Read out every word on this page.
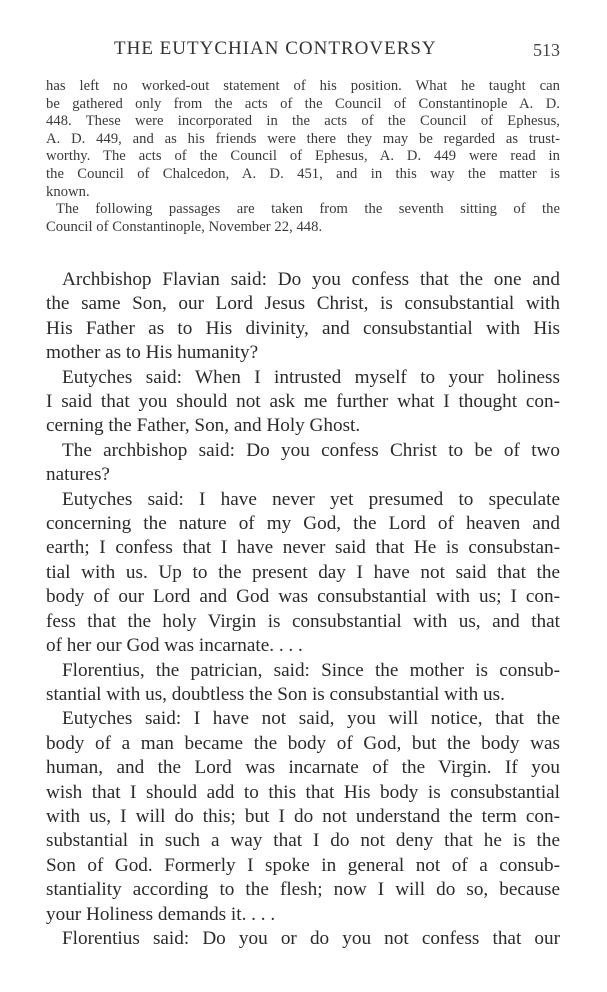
THE EUTYCHIAN CONTROVERSY	513
has left no worked-out statement of his position. What he taught can
be gathered only from the acts of the Council of Constantinople A. D.
448. These were incorporated in the acts of the Council of Ephesus,
A. D. 449, and as his friends were there they may be regarded as trust-
worthy. The acts of the Council of Ephesus, A. D. 449 were read in
the Council of Chalcedon, A. D. 451, and in this way the matter is
known.
The following passages are taken from the seventh sitting of the
Council of Constantinople, November 22, 448.
Archbishop Flavian said: Do you confess that the one and
the same Son, our Lord Jesus Christ, is consubstantial with
His Father as to His divinity, and consubstantial with His
mother as to His humanity?
Eutyches said: When I intrusted myself to your holiness
I said that you should not ask me further what I thought con-
cerning the Father, Son, and Holy Ghost.
The archbishop said: Do you confess Christ to be of two
natures?
Eutyches said: I have never yet presumed to speculate
concerning the nature of my God, the Lord of heaven and
earth; I confess that I have never said that He is consubstan-
tial with us. Up to the present day I have not said that the
body of our Lord and God was consubstantial with us; I con-
fess that the holy Virgin is consubstantial with us, and that
of her our God was incarnate. . . .
Florentius, the patrician, said: Since the mother is consub-
stantial with us, doubtless the Son is consubstantial with us.
Eutyches said: I have not said, you will notice, that the
body of a man became the body of God, but the body was
human, and the Lord was incarnate of the Virgin. If you
wish that I should add to this that His body is consubstantial
with us, I will do this; but I do not understand the term con-
substantial in such a way that I do not deny that he is the
Son of God. Formerly I spoke in general not of a consub-
stantiality according to the flesh; now I will do so, because
your Holiness demands it. . . .
Florentius said: Do you or do you not confess that our
